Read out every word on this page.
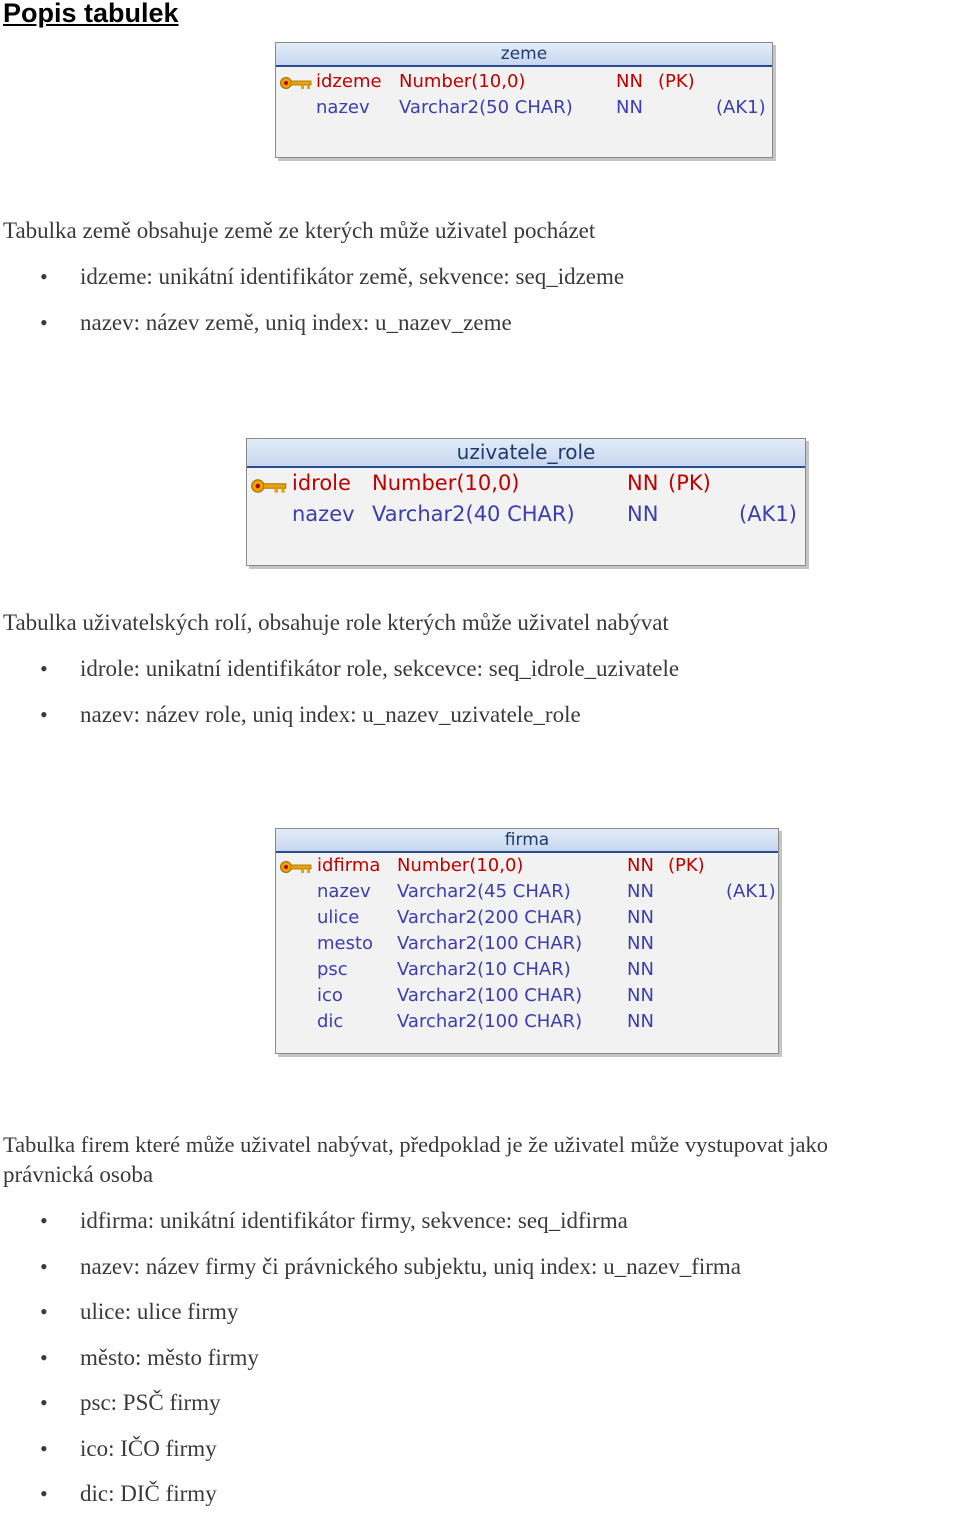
Popis tabulek
zeme
idzeme Number(10,0)	NN (PK)
nazev Varchar2(50 CHAR) NN	(AK1)
Tabulka země obsahuje země ze kterých může uživatel pocházet
• idzeme: unikátní identifikátor země, sekvence: seq_idzeme
• nazev: název země, uniq index: u_nazev_zeme
uzivatele_role
idrole Number(10,0)	NN (PK)
nazev Varchar2(40 CHAR) NN	(AK1)
Tabulka uživatelských rolí, obsahuje role kterých může uživatel nabývat
• idrole: unikatní identifikátor role, sekcevce: seq_idrole_uzivatele
• nazev: název role, uniq index: u_nazev_uzivatele_role
firma
idfirma Number(10,0)	NN (PK)
nazev Varchar2(45 CHAR)	NN	(AK1)
ulice Varchar2(200 CHAR) NN
mesto Varchar2(100 CHAR) NN
psc	Varchar2(10 CHAR)	NN
ico	Varchar2(100 CHAR) NN
dic	Varchar2(100 CHAR) NN
Tabulka firem které může uživatel nabývat, předpoklad je že uživatel může vystupovat jako
právnická osoba
• idfirma: unikátní identifikátor firmy, sekvence: seq_idfirma
• nazev: název firmy či právnického subjektu, uniq index: u_nazev_firma
• ulice: ulice firmy
• město: město firmy
• psc: PSČ firmy
• ico: IČO firmy
• dic: DIČ firmy
